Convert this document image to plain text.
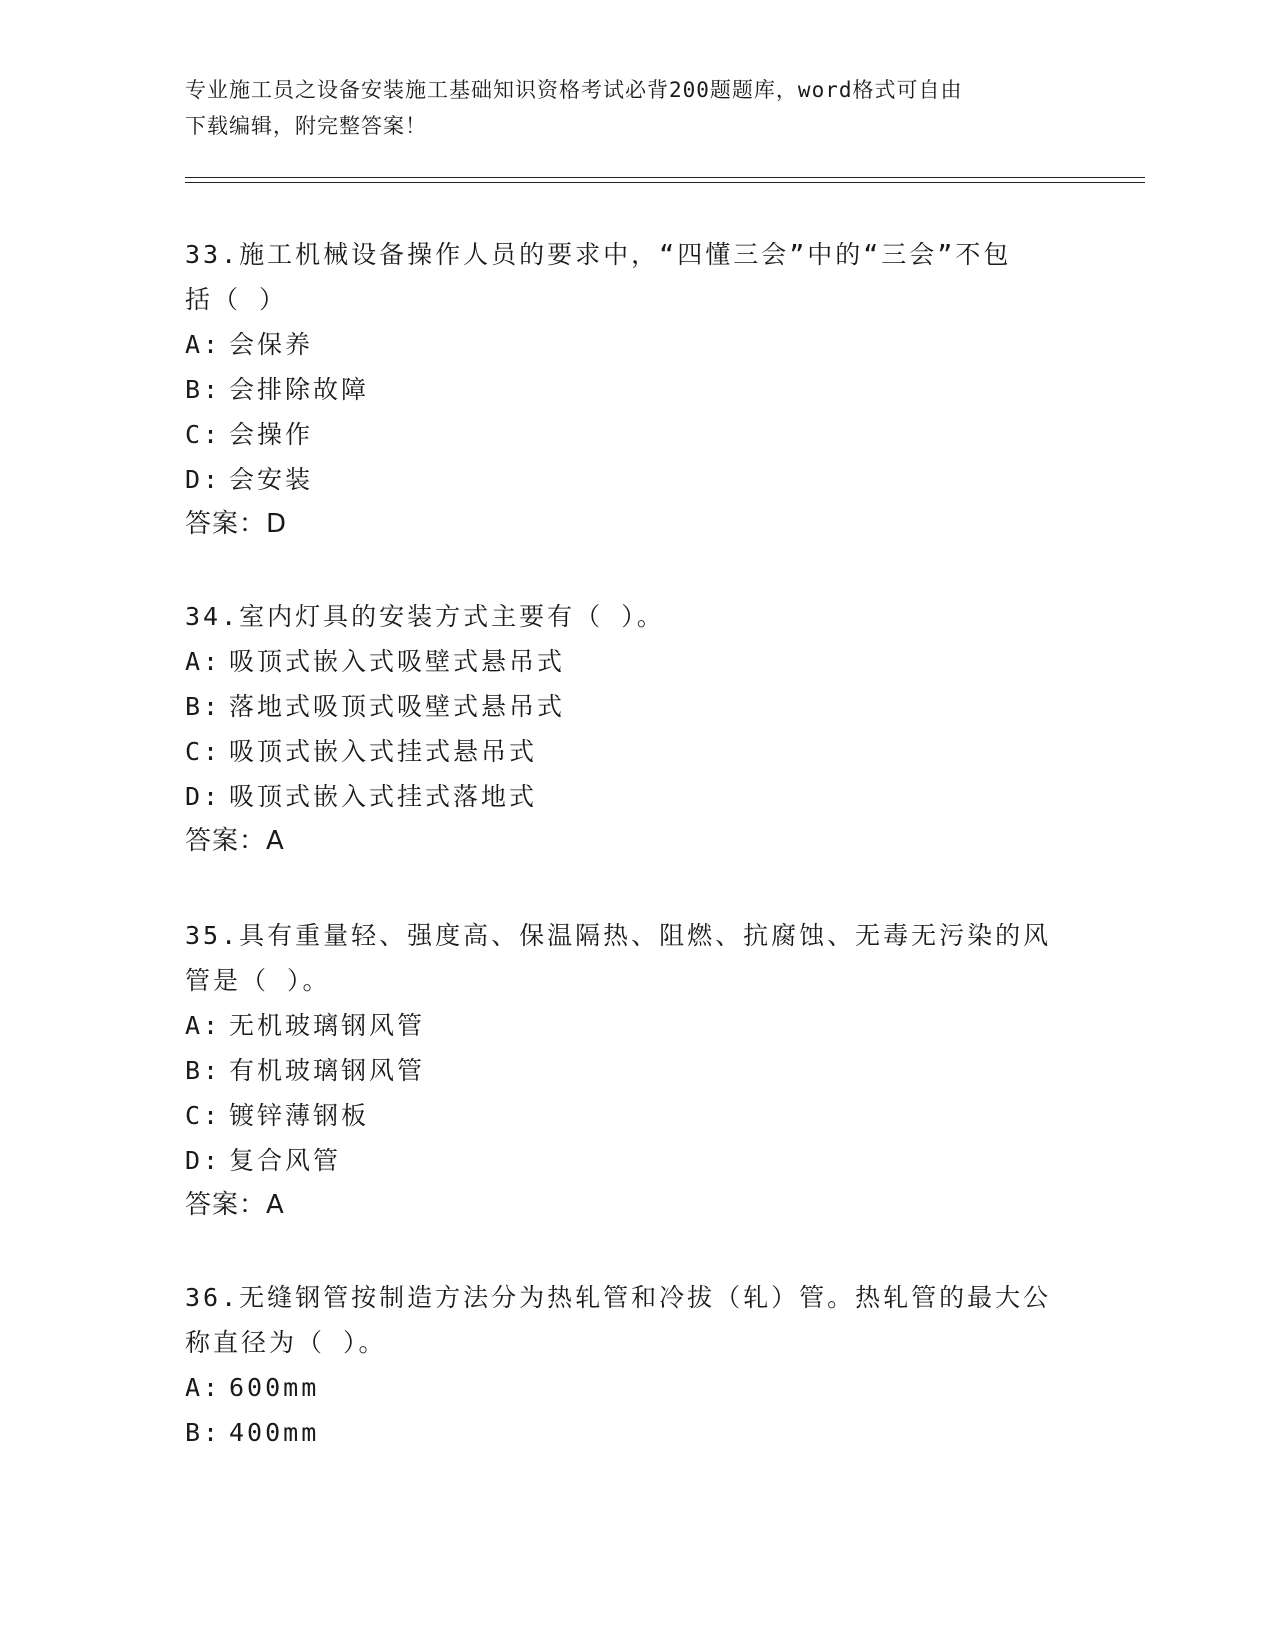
专业施工员之设备安装施工基础知识资格考试必背200题题库，word格式可自由
下载编辑，附完整答案！

33.施工机械设备操作人员的要求中，“四懂三会”中的“三会”不包
括（ ）

A: 会保养

B: 会排除故障

C: 会操作

D: 会安装

答案：D

34.室内灯具的安装方式主要有（ ）。

A: 吸顶式嵌入式吸壁式悬吊式

B: 落地式吸顶式吸壁式悬吊式

C: 吸顶式嵌入式挂式悬吊式

D: 吸顶式嵌入式挂式落地式

答案：A

35.具有重量轻、强度高、保温隔热、阻燃、抗腐蚀、无毒无污染的风
管是（ ）。

A: 无机玻璃钢风管

B: 有机玻璃钢风管

C: 镀锌薄钢板

D: 复合风管

答案：A

36.无缝钢管按制造方法分为热轧管和冷拔（轧）管。热轧管的最大公
称直径为（ ）。

A: 600mm

B: 400mm
